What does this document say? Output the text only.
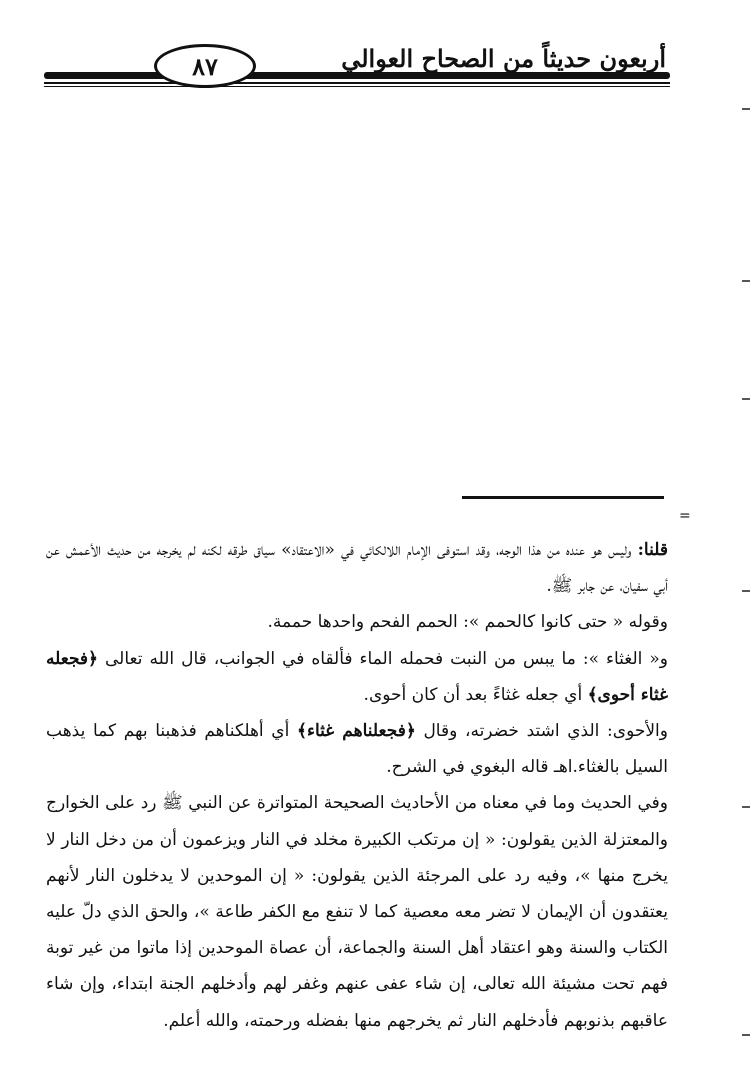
٨٧	أربعون حديثاً من الصحاح العوالي
=

قلنا: وليس هو عنده من هذا الوجه، وقد استوفى الإمام اللالكائي في «الاعتقاد» سياق طرقه لكنه لم يخرجه من حديث الأعمش عن أبي سفيان، عن جابر ﷺ.

وقوله « حتى كانوا كالحمم »: الحمم الفحم واحدها حممة.

و« الغثاء »: ما يبس من النبت فحمله الماء فألقاه في الجوانب، قال الله تعالى ﴿فجعله غثاء أحوى﴾ أي جعله غثاءً بعد أن كان أحوى.

والأحوى: الذي اشتد خضرته، وقال ﴿فجعلناهم غثاء﴾ أي أهلكناهم فذهبنا بهم كما يذهب السيل بالغثاء.اهـ قاله البغوي في الشرح.

وفي الحديث وما في معناه من الأحاديث الصحيحة المتواترة عن النبي ﷺ رد على الخوارج والمعتزلة الذين يقولون: « إن مرتكب الكبيرة مخلد في النار ويزعمون أن من دخل النار لا يخرج منها »، وفيه رد على المرجئة الذين يقولون: « إن الموحدين لا يدخلون النار لأنهم يعتقدون أن الإيمان لا تضر معه معصية كما لا تنفع مع الكفر طاعة »، والحق الذي دلّ عليه الكتاب والسنة وهو اعتقاد أهل السنة والجماعة، أن عصاة الموحدين إذا ماتوا من غير توبة فهم تحت مشيئة الله تعالى، إن شاء عفى عنهم وغفر لهم وأدخلهم الجنة ابتداء، وإن شاء عاقبهم بذنوبهم فأدخلهم النار ثم يخرجهم منها بفضله ورحمته، والله أعلم.
